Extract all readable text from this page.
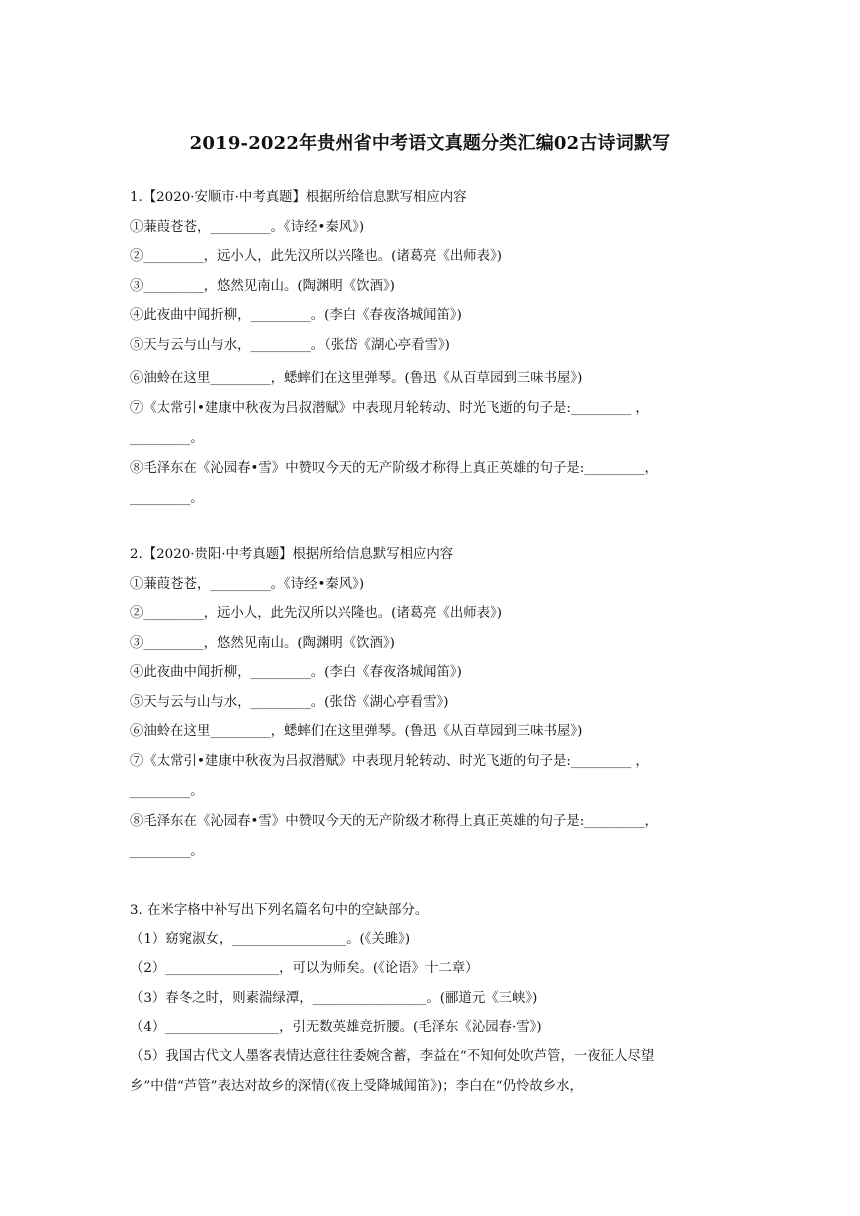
2019-2022年贵州省中考语文真题分类汇编02古诗词默写
1.【2020·安顺市·中考真题】根据所给信息默写相应内容
①蒹葭苍苍，_________。《诗经•秦风》)
②_________，远小人，此先汉所以兴隆也。(诸葛亮《出师表》)
③_________，悠然见南山。(陶渊明《饮酒》)
④此夜曲中闻折柳，_________。(李白《春夜洛城闻笛》)
⑤天与云与山与水，_________。（张岱《湖心亭看雪》)
⑥油蛉在这里_________，蟋蟀们在这里弹琴。(鲁迅《从百草园到三味书屋》)
⑦《太常引•建康中秋夜为吕叔潜赋》中表现月轮转动、时光飞逝的句子是:_________ ，
_________。
⑧毛泽东在《沁园春•雪》中赞叹今天的无产阶级才称得上真正英雄的句子是:_________，
_________。
2.【2020·贵阳·中考真题】根据所给信息默写相应内容
①蒹葭苍苍，_________。《诗经•秦风》)
②_________，远小人，此先汉所以兴隆也。(诸葛亮《出师表》)
③_________，悠然见南山。(陶渊明《饮酒》)
④此夜曲中闻折柳，_________。(李白《春夜洛城闻笛》)
⑤天与云与山与水，_________。(张岱《湖心亭看雪》)
⑥油蛉在这里_________，蟋蟀们在这里弹琴。(鲁迅《从百草园到三味书屋》)
⑦《太常引•建康中秋夜为吕叔潜赋》中表现月轮转动、时光飞逝的句子是:_________ ，
_________。
⑧毛泽东在《沁园春•雪》中赞叹今天的无产阶级才称得上真正英雄的句子是:_________，
_________。
3. 在米字格中补写出下列名篇名句中的空缺部分。
（1）窈窕淑女，_________________。(《关雎》)
（2）_________________，可以为师矣。(《论语》十二章）
（3）春冬之时，则素湍绿潭，_________________。(郦道元《三峡》)
（4）_________________，引无数英雄竞折腰。(毛泽东《沁园春·雪》)
（5）我国古代文人墨客表情达意往往委婉含蓄，李益在“不知何处吹芦管，一夜征人尽望
乡”中借“芦管”表达对故乡的深情(《夜上受降城闻笛》)；李白在“仍怜故乡水，
